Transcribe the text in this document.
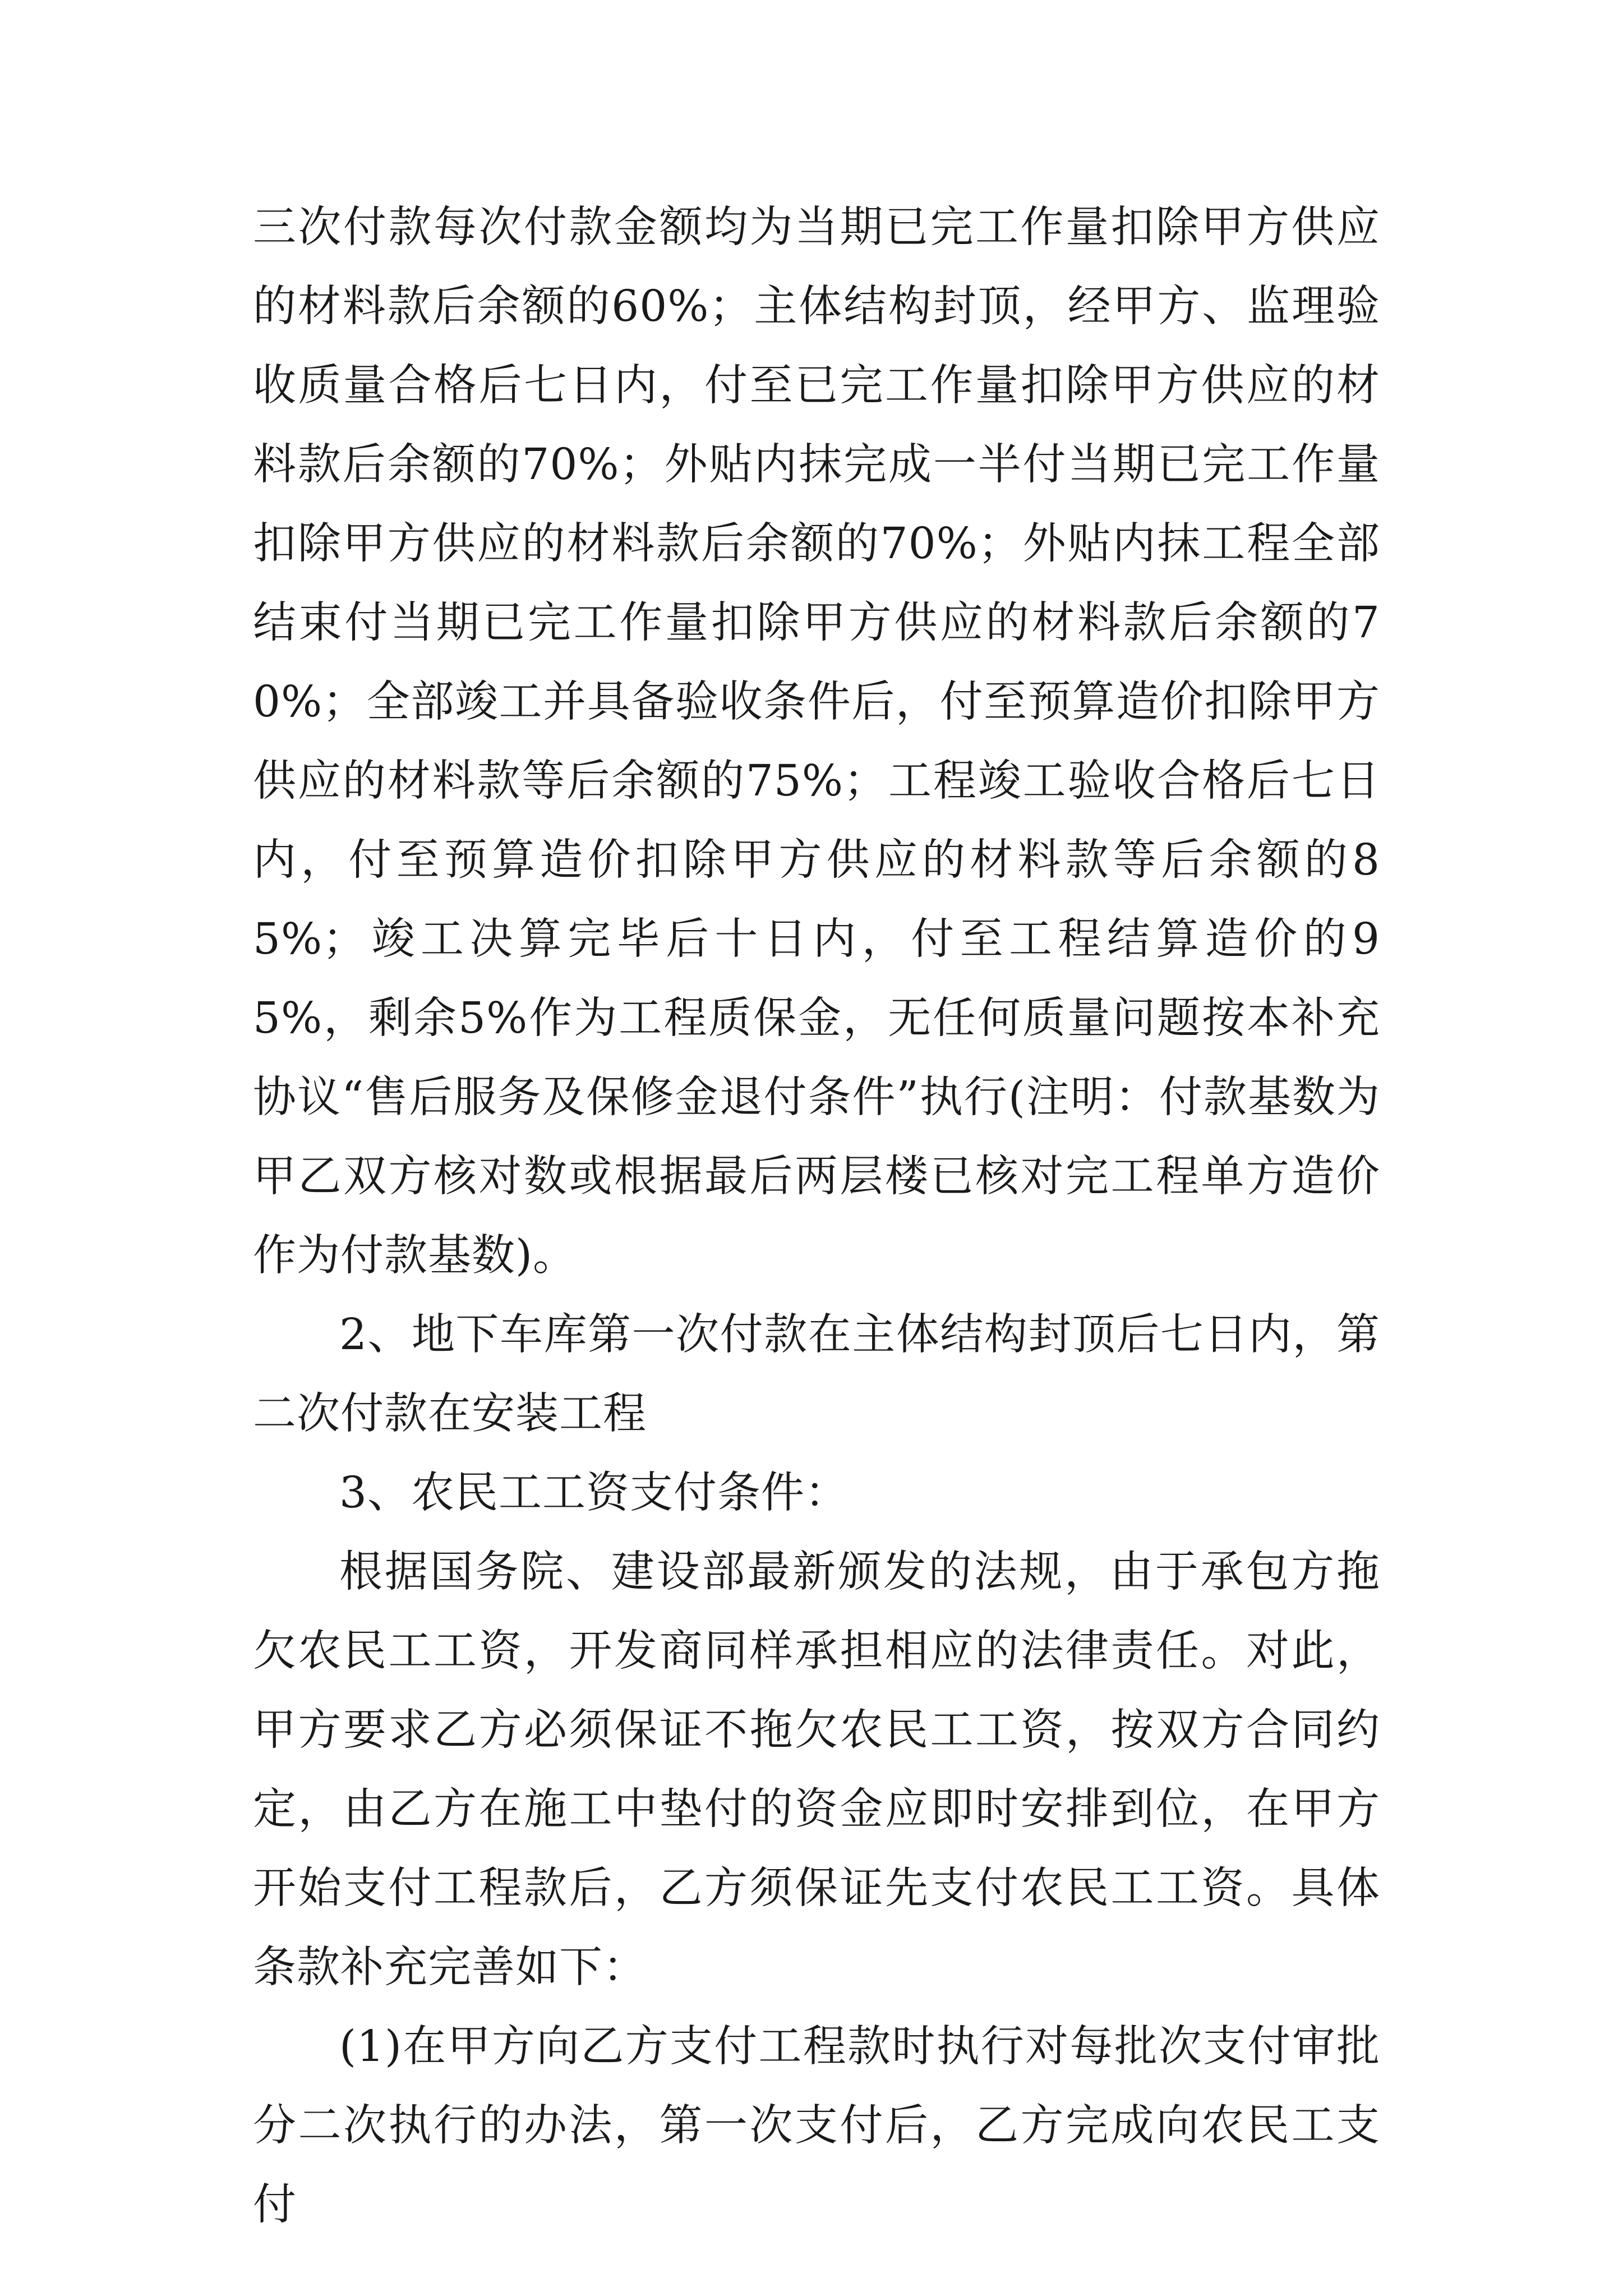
三次付款每次付款金额均为当期已完工作量扣除甲方供应的材料款后余额的60%；主体结构封顶，经甲方、监理验收质量合格后七日内，付至已完工作量扣除甲方供应的材料款后余额的70%；外贴内抹完成一半付当期已完工作量扣除甲方供应的材料款后余额的70%；外贴内抹工程全部结束付当期已完工作量扣除甲方供应的材料款后余额的70%；全部竣工并具备验收条件后，付至预算造价扣除甲方供应的材料款等后余额的75%；工程竣工验收合格后七日内，付至预算造价扣除甲方供应的材料款等后余额的85%；竣工决算完毕后十日内，付至工程结算造价的95%，剩余5%作为工程质保金，无任何质量问题按本补充协议“售后服务及保修金退付条件”执行(注明：付款基数为甲乙双方核对数或根据最后两层楼已核对完工程单方造价作为付款基数)。

2、地下车库第一次付款在主体结构封顶后七日内，第二次付款在安装工程

3、农民工工资支付条件：

根据国务院、建设部最新颁发的法规，由于承包方拖欠农民工工资，开发商同样承担相应的法律责任。对此，甲方要求乙方必须保证不拖欠农民工工资，按双方合同约定，由乙方在施工中垫付的资金应即时安排到位，在甲方开始支付工程款后，乙方须保证先支付农民工工资。具体条款补充完善如下：

(1)在甲方向乙方支付工程款时执行对每批次支付审批分二次执行的办法，第一次支付后，乙方完成向农民工支付
